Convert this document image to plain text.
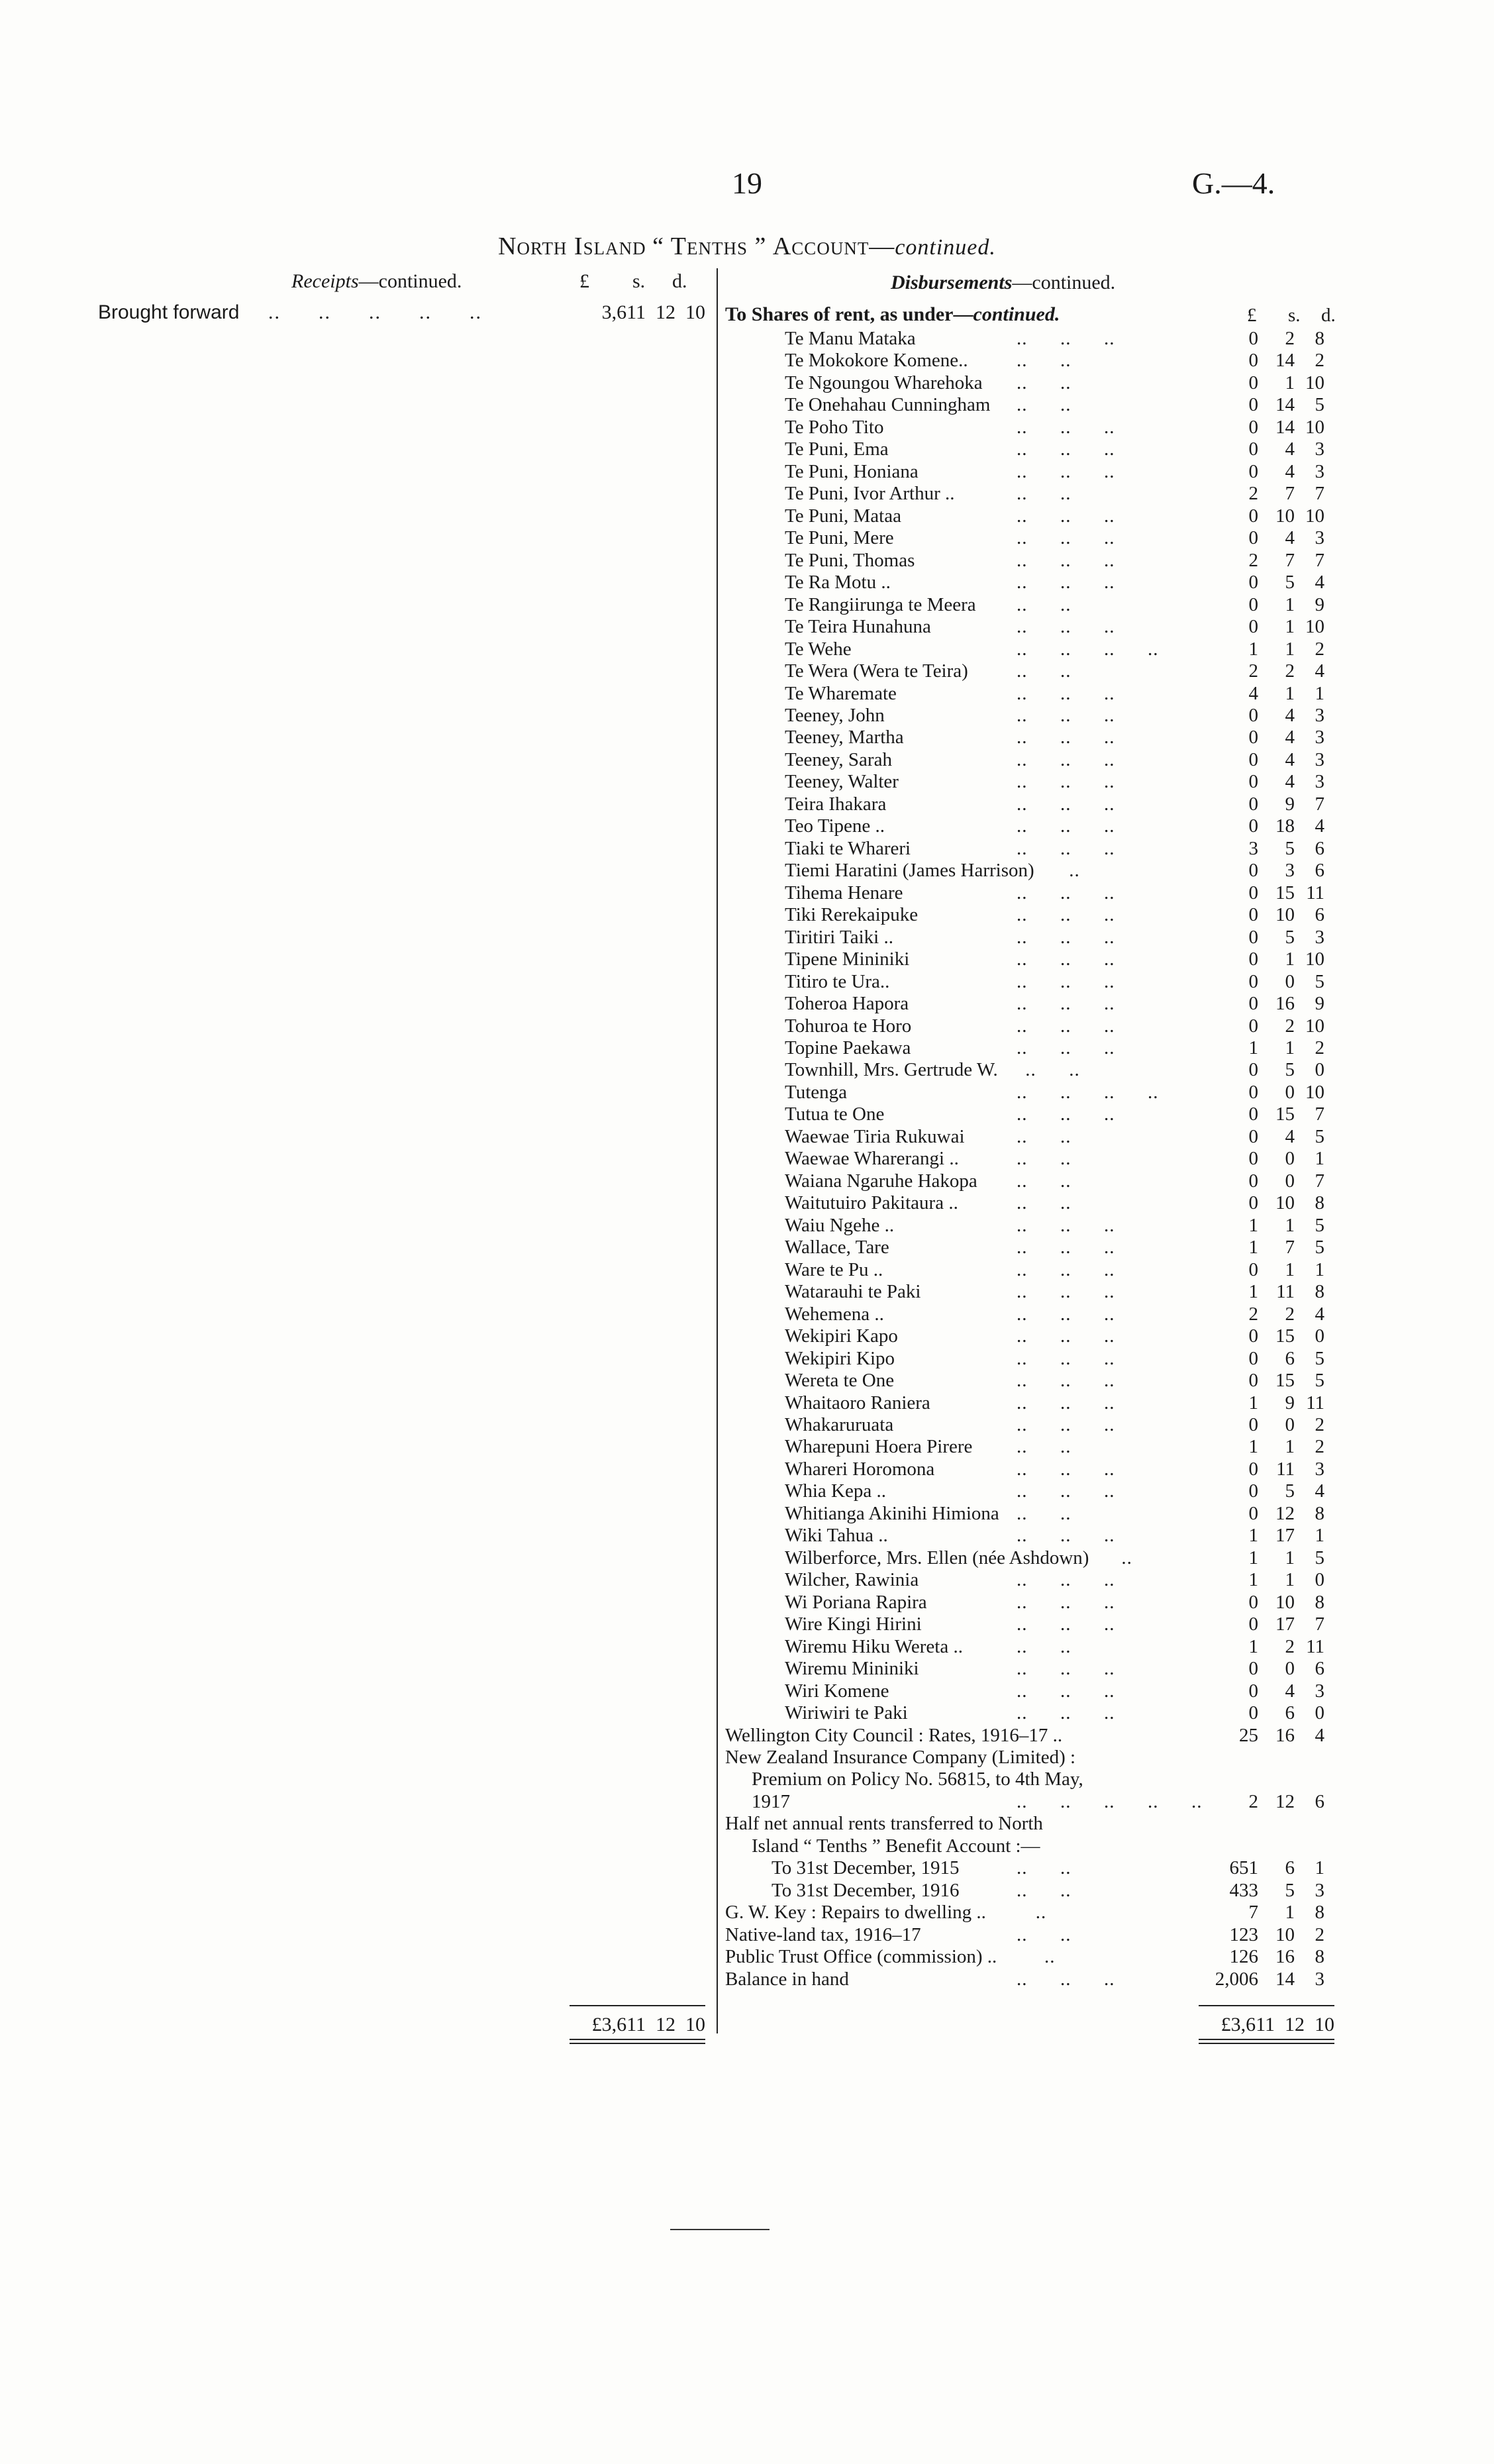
19	G.—4.
North Island “ Tenths ” Account—continued.
Receipts—continued.	£ s. d.
Brought forward ..      ..      ..      ..      ..	3,611  12  10
Disbursements—continued.
To Shares of rent, as under—continued.	£ s. d.
Te Manu Mataka	..      ..      ..	0	2	8
Te Mokokore Komene..	..      ..	0 14	2
Te Ngoungou Wharehoka ..      ..	0	1 10
Te Onehahau Cunningham ..      ..	0 14	5
Te Poho Tito	..      ..      ..	0 14 10
Te Puni, Ema	..      ..      ..	0	4	3
Te Puni, Honiana	..      ..      ..	0	4	3
Te Puni, Ivor Arthur ..	..      ..	2	7	7
Te Puni, Mataa	..      ..      ..	0 10 10
Te Puni, Mere	..      ..      ..	0	4	3
Te Puni, Thomas	..      ..      ..	2	7	7
Te Ra Motu ..	..      ..      ..	0	5	4
Te Rangiirunga te Meera ..      ..	0	1	9
Te Teira Hunahuna	..      ..      ..	0	1 10
Te Wehe	..      ..      ..      ..	1	1	2
Te Wera (Wera te Teira)	..      ..	2	2	4
Te Wharemate	..      ..      ..	4	1	1
Teeney, John	..      ..      ..	0	4	3
Teeney, Martha	..      ..      ..	0	4	3
Teeney, Sarah	..      ..      ..	0	4	3
Teeney, Walter	..      ..      ..	0	4	3
Teira Ihakara	..      ..      ..	0	9	7
Teo Tipene ..	..      ..      ..	0 18	4
Tiaki te Whareri	..      ..      ..	3	5	6
Tiemi Haratini (James Harrison) ..	0	3	6
Tihema Henare	..      ..      ..	0 15 11
Tiki Rerekaipuke	..      ..      ..	0 10	6
Tiritiri Taiki ..	..      ..      ..	0	5	3
Tipene Mininiki	..      ..      ..	0	1 10
Titiro te Ura..	..      ..      ..	0	0	5
Toheroa Hapora	..      ..      ..	0 16	9
Tohuroa te Horo	..      ..      ..	0	2 10
Topine Paekawa	..      ..      ..	1	1	2
Townhill, Mrs. Gertrude W. ..      ..	0	5	0
Tutenga	..      ..      ..      ..	0	0 10
Tutua te One	..      ..      ..	0 15	7
Waewae Tiria Rukuwai	..      ..	0	4	5
Waewae Wharerangi ..	..      ..	0	0	1
Waiana Ngaruhe Hakopa ..      ..	0	0	7
Waitutuiro Pakitaura ..	..      ..	0 10	8
Waiu Ngehe ..	..      ..      ..	1	1	5
Wallace, Tare	..      ..      ..	1	7	5
Ware te Pu ..	..      ..      ..	0	1	1
Watarauhi te Paki	..      ..      ..	1 11	8
Wehemena ..	..      ..      ..	2	2	4
Wekipiri Kapo	..      ..      ..	0 15	0
Wekipiri Kipo	..      ..      ..	0	6	5
Wereta te One	..      ..      ..	0 15	5
Whaitaoro Raniera	..      ..      ..	1	9 11
Whakaruruata	..      ..      ..	0	0	2
Wharepuni Hoera Pirere ..      ..	1	1	2
Whareri Horomona	..      ..      ..	0 11	3
Whia Kepa ..	..      ..      ..	0	5	4
Whitianga Akinihi Himiona ..      ..	0 12	8
Wiki Tahua ..	..      ..      ..	1 17	1
Wilberforce, Mrs. Ellen (née Ashdown) ..	1	1	5
Wilcher, Rawinia	..      ..      ..	1	1	0
Wi Poriana Rapira	..      ..      ..	0 10	8
Wire Kingi Hirini	..      ..      ..	0 17	7
Wiremu Hiku Wereta ..	..      ..	1	2 11
Wiremu Mininiki	..      ..      ..	0	0	6
Wiri Komene	..      ..      ..	0	4	3
Wiriwiri te Paki	..      ..      ..	0	6	0
Wellington City Council : Rates, 1916–17 ..	25 16	4
New Zealand Insurance Company (Limited) :
Premium on Policy No. 56815, to 4th May,
1917	..      ..      ..      ..      ..	2 12	6
Half net annual rents transferred to North
Island “ Tenths ” Benefit Account :—
To 31st December, 1915	..      ..	651	6	1
To 31st December, 1916	..      ..	433	5	3
G. W. Key : Repairs to dwelling ..	..	7	1	8
Native-land tax, 1916–17	..      ..	123 10	2
Public Trust Office (commission) .. ..	126 16	8
Balance in hand	..      ..      ..	2,006 14	3
£3,611  12  10	£3,611  12  10
